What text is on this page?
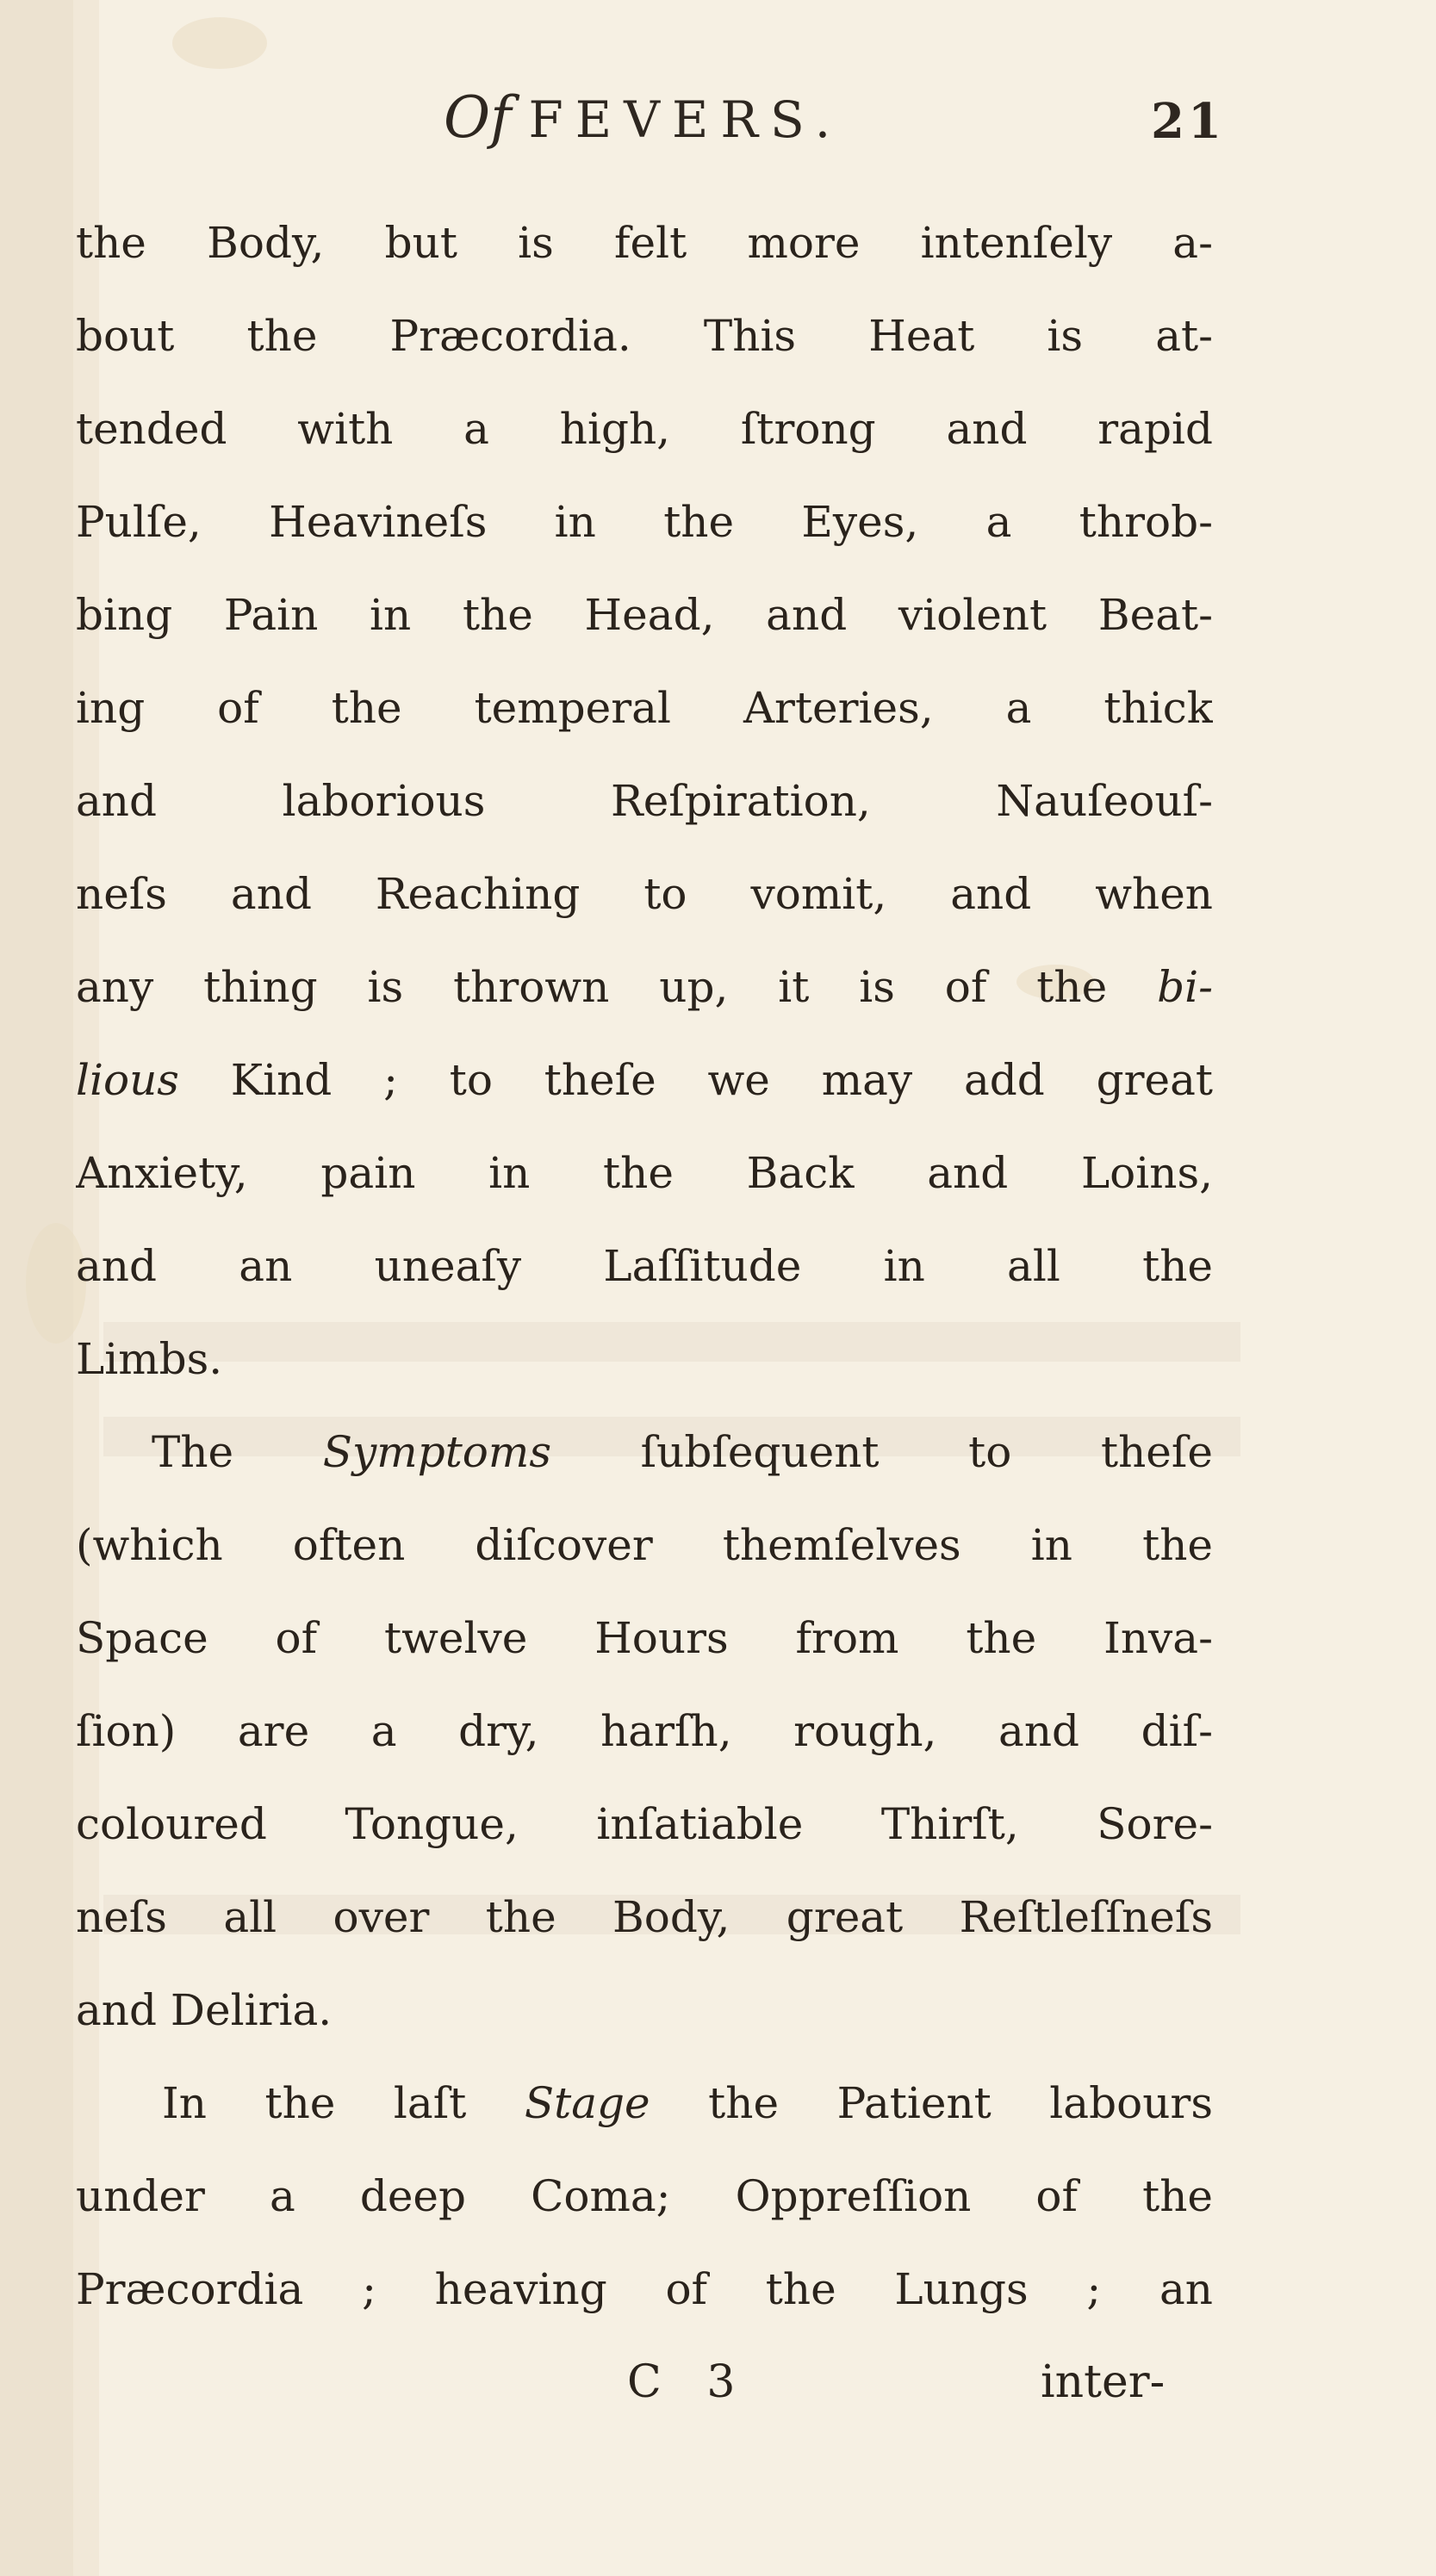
Of FEVERS.	21
the Body, but is felt more intenſely a-
bout the Præcordia. This Heat is at-
tended with a high, ſtrong and rapid
Pulſe, Heavineſs in the Eyes, a throb-
bing Pain in the Head, and violent Beat-
ing of the temperal Arteries, a thick
and laborious Reſpiration, Nauſeouſ-
neſs and Reaching to vomit, and when
any thing is thrown up, it is of the bi-
lious Kind ; to theſe we may add great
Anxiety, pain in the Back and Loins,
and an uneaſy Laſſitude in all the
Limbs.
The Symptoms ſubſequent to theſe
(which often diſcover themſelves in the
Space of twelve Hours from the Inva-
ſion) are a dry, harſh, rough, and diſ-
coloured Tongue, inſatiable Thirſt, Sore-
neſs all over the Body, great Reſtleſſneſs
and Deliria.
In the laſt Stage the Patient labours
under a deep Coma; Oppreſſion of the
Præcordia ; heaving of the Lungs ; an
C 3	inter-
